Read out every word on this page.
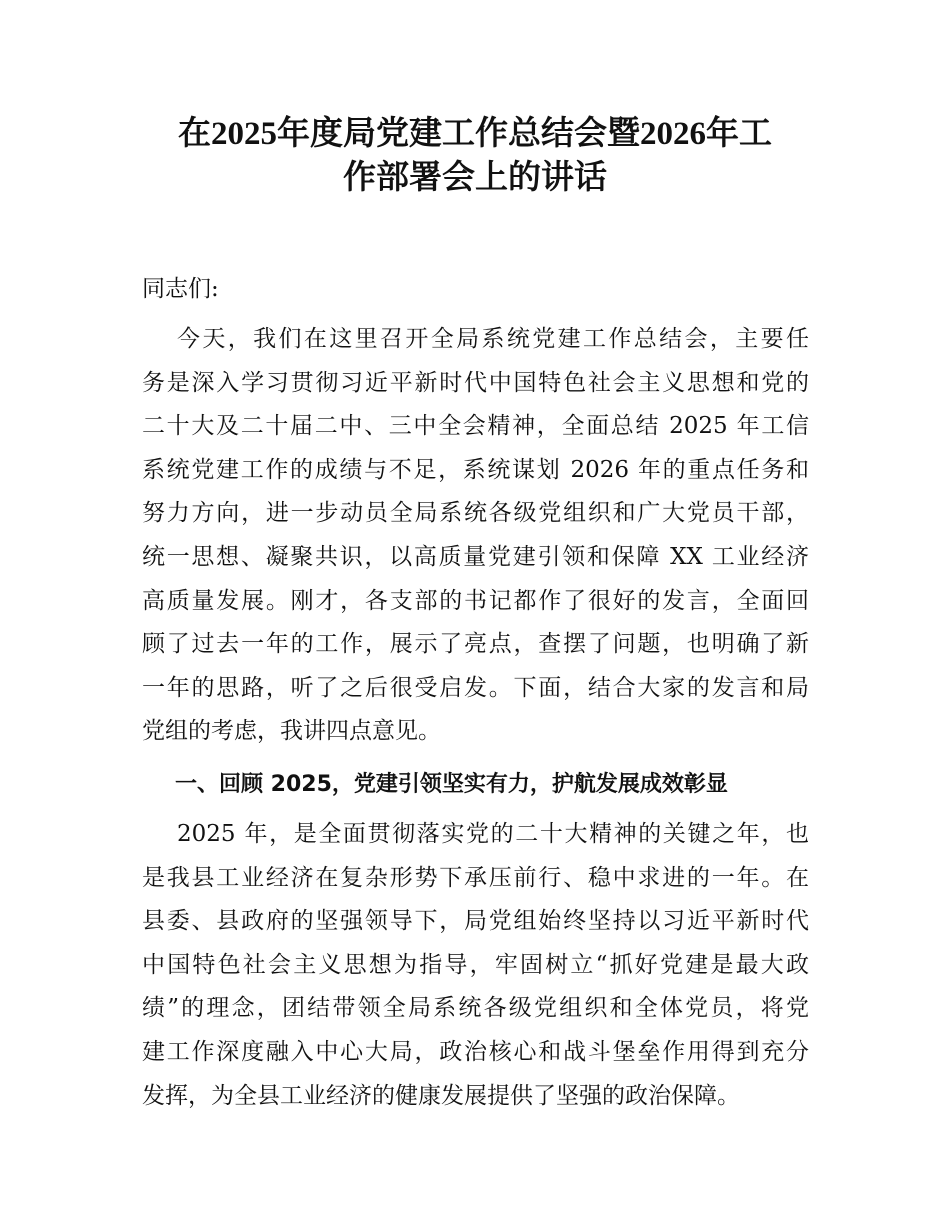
在2025年度局党建工作总结会暨2026年工
作部署会上的讲话
同志们:
今天，我们在这里召开全局系统党建工作总结会，主要任
务是深入学习贯彻习近平新时代中国特色社会主义思想和党的
二十大及二十届二中、三中全会精神，全面总结 2025 年工信
系统党建工作的成绩与不足，系统谋划 2026 年的重点任务和
努力方向，进一步动员全局系统各级党组织和广大党员干部，
统一思想、凝聚共识，以高质量党建引领和保障 XX 工业经济
高质量发展。刚才，各支部的书记都作了很好的发言，全面回
顾了过去一年的工作，展示了亮点，查摆了问题，也明确了新
一年的思路，听了之后很受启发。下面，结合大家的发言和局
党组的考虑，我讲四点意见。
一、回顾 2025，党建引领坚实有力，护航发展成效彰显
2025 年，是全面贯彻落实党的二十大精神的关键之年，也
是我县工业经济在复杂形势下承压前行、稳中求进的一年。在
县委、县政府的坚强领导下，局党组始终坚持以习近平新时代
中国特色社会主义思想为指导，牢固树立“抓好党建是最大政
绩”的理念，团结带领全局系统各级党组织和全体党员，将党
建工作深度融入中心大局，政治核心和战斗堡垒作用得到充分
发挥，为全县工业经济的健康发展提供了坚强的政治保障。
